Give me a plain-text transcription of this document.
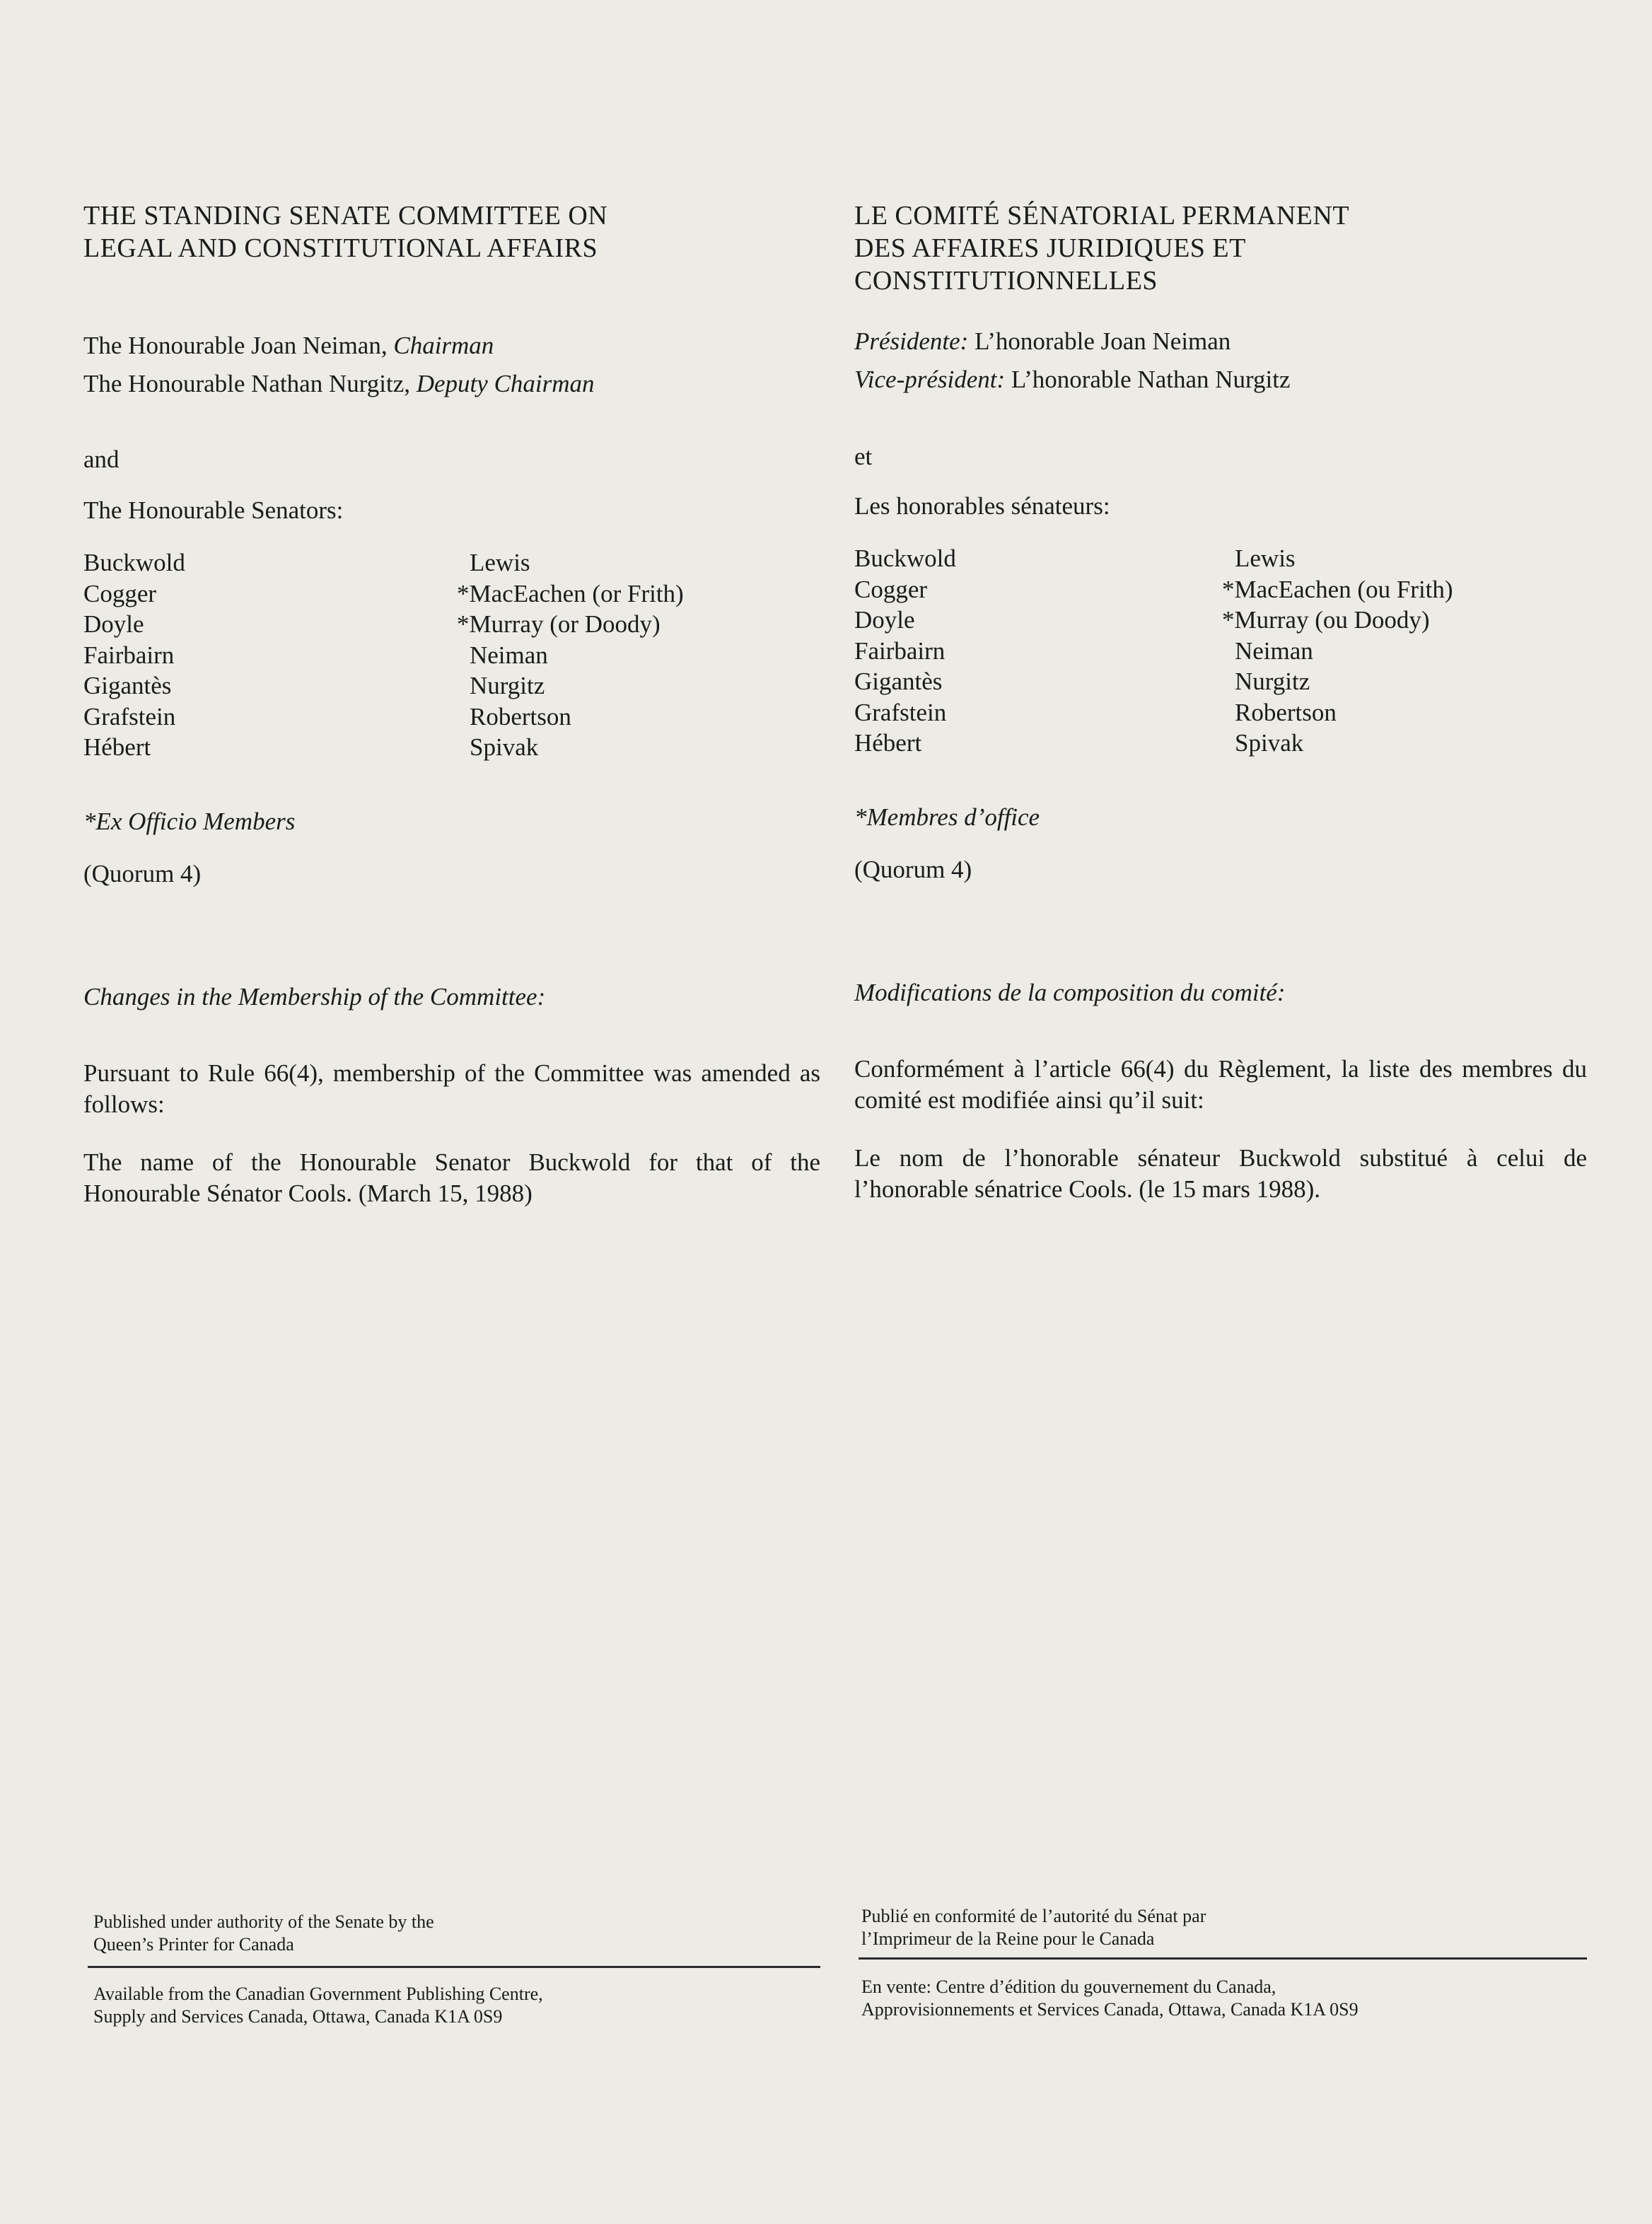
THE STANDING SENATE COMMITTEE ON
LEGAL AND CONSTITUTIONAL AFFAIRS
The Honourable Joan Neiman, Chairman
The Honourable Nathan Nurgitz, Deputy Chairman
and
The Honourable Senators:
Buckwold
Cogger
Doyle
Fairbairn
Gigantès
Grafstein
Hébert
Lewis
*MacEachen (or Frith)
*Murray (or Doody)
Neiman
Nurgitz
Robertson
Spivak
*Ex Officio Members
(Quorum 4)
Changes in the Membership of the Committee:
Pursuant to Rule 66(4), membership of the Committee was amended as follows:
The name of the Honourable Senator Buckwold for that of the Honourable Sénator Cools. (March 15, 1988)
Published under authority of the Senate by the
Queen’s Printer for Canada
Available from the Canadian Government Publishing Centre,
Supply and Services Canada, Ottawa, Canada K1A 0S9
LE COMITÉ SÉNATORIAL PERMANENT
DES AFFAIRES JURIDIQUES ET
CONSTITUTIONNELLES
Présidente: L’honorable Joan Neiman
Vice-président: L’honorable Nathan Nurgitz
et
Les honorables sénateurs:
Buckwold
Cogger
Doyle
Fairbairn
Gigantès
Grafstein
Hébert
Lewis
*MacEachen (ou Frith)
*Murray (ou Doody)
Neiman
Nurgitz
Robertson
Spivak
*Membres d’office
(Quorum 4)
Modifications de la composition du comité:
Conformément à l’article 66(4) du Règlement, la liste des membres du comité est modifiée ainsi qu’il suit:
Le nom de l’honorable sénateur Buckwold substitué à celui de l’honorable sénatrice Cools. (le 15 mars 1988).
Publié en conformité de l’autorité du Sénat par
l’Imprimeur de la Reine pour le Canada
En vente: Centre d’édition du gouvernement du Canada,
Approvisionnements et Services Canada, Ottawa, Canada K1A 0S9
